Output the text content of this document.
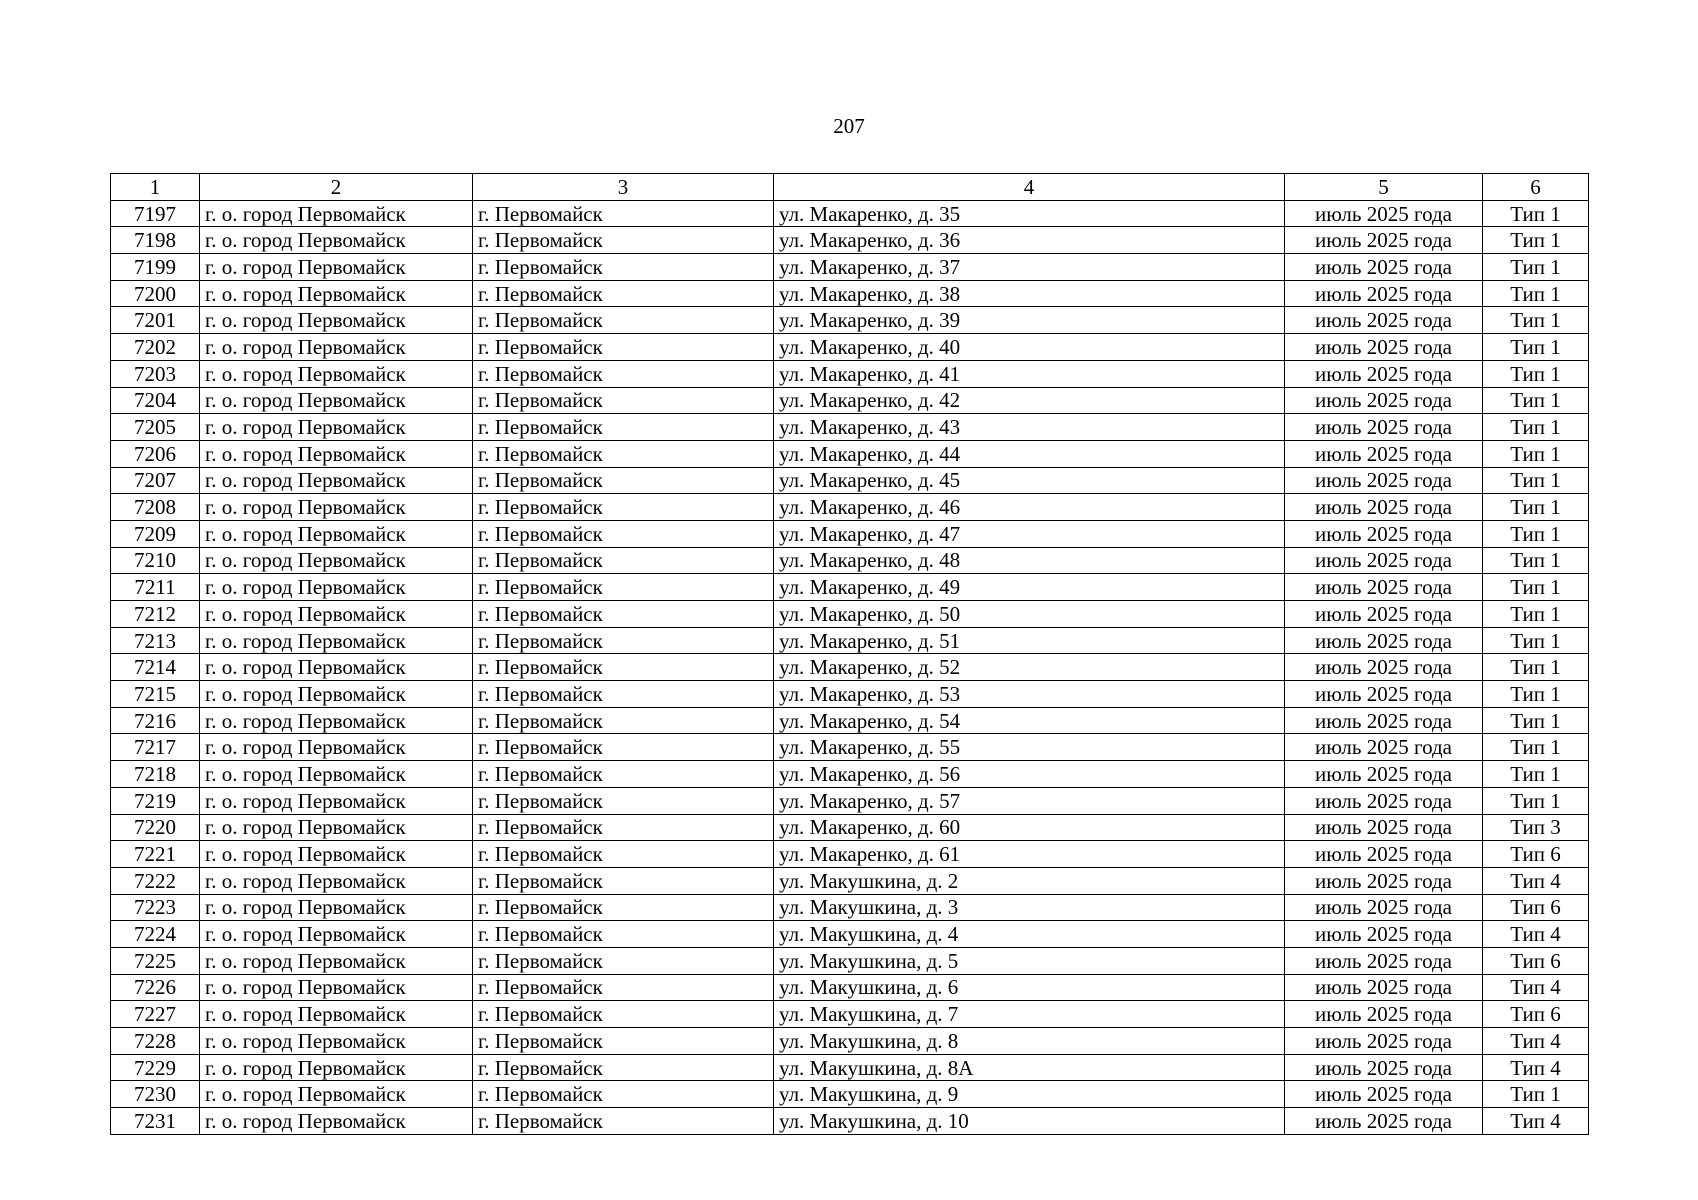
207
1	2	3	4	5	6
7197	г. о. город Первомайск	г. Первомайск	ул. Макаренко, д. 35	июль 2025 года	Тип 1
7198	г. о. город Первомайск	г. Первомайск	ул. Макаренко, д. 36	июль 2025 года	Тип 1
7199	г. о. город Первомайск	г. Первомайск	ул. Макаренко, д. 37	июль 2025 года	Тип 1
7200	г. о. город Первомайск	г. Первомайск	ул. Макаренко, д. 38	июль 2025 года	Тип 1
7201	г. о. город Первомайск	г. Первомайск	ул. Макаренко, д. 39	июль 2025 года	Тип 1
7202	г. о. город Первомайск	г. Первомайск	ул. Макаренко, д. 40	июль 2025 года	Тип 1
7203	г. о. город Первомайск	г. Первомайск	ул. Макаренко, д. 41	июль 2025 года	Тип 1
7204	г. о. город Первомайск	г. Первомайск	ул. Макаренко, д. 42	июль 2025 года	Тип 1
7205	г. о. город Первомайск	г. Первомайск	ул. Макаренко, д. 43	июль 2025 года	Тип 1
7206	г. о. город Первомайск	г. Первомайск	ул. Макаренко, д. 44	июль 2025 года	Тип 1
7207	г. о. город Первомайск	г. Первомайск	ул. Макаренко, д. 45	июль 2025 года	Тип 1
7208	г. о. город Первомайск	г. Первомайск	ул. Макаренко, д. 46	июль 2025 года	Тип 1
7209	г. о. город Первомайск	г. Первомайск	ул. Макаренко, д. 47	июль 2025 года	Тип 1
7210	г. о. город Первомайск	г. Первомайск	ул. Макаренко, д. 48	июль 2025 года	Тип 1
7211	г. о. город Первомайск	г. Первомайск	ул. Макаренко, д. 49	июль 2025 года	Тип 1
7212	г. о. город Первомайск	г. Первомайск	ул. Макаренко, д. 50	июль 2025 года	Тип 1
7213	г. о. город Первомайск	г. Первомайск	ул. Макаренко, д. 51	июль 2025 года	Тип 1
7214	г. о. город Первомайск	г. Первомайск	ул. Макаренко, д. 52	июль 2025 года	Тип 1
7215	г. о. город Первомайск	г. Первомайск	ул. Макаренко, д. 53	июль 2025 года	Тип 1
7216	г. о. город Первомайск	г. Первомайск	ул. Макаренко, д. 54	июль 2025 года	Тип 1
7217	г. о. город Первомайск	г. Первомайск	ул. Макаренко, д. 55	июль 2025 года	Тип 1
7218	г. о. город Первомайск	г. Первомайск	ул. Макаренко, д. 56	июль 2025 года	Тип 1
7219	г. о. город Первомайск	г. Первомайск	ул. Макаренко, д. 57	июль 2025 года	Тип 1
7220	г. о. город Первомайск	г. Первомайск	ул. Макаренко, д. 60	июль 2025 года	Тип 3
7221	г. о. город Первомайск	г. Первомайск	ул. Макаренко, д. 61	июль 2025 года	Тип 6
7222	г. о. город Первомайск	г. Первомайск	ул. Макушкина, д. 2	июль 2025 года	Тип 4
7223	г. о. город Первомайск	г. Первомайск	ул. Макушкина, д. 3	июль 2025 года	Тип 6
7224	г. о. город Первомайск	г. Первомайск	ул. Макушкина, д. 4	июль 2025 года	Тип 4
7225	г. о. город Первомайск	г. Первомайск	ул. Макушкина, д. 5	июль 2025 года	Тип 6
7226	г. о. город Первомайск	г. Первомайск	ул. Макушкина, д. 6	июль 2025 года	Тип 4
7227	г. о. город Первомайск	г. Первомайск	ул. Макушкина, д. 7	июль 2025 года	Тип 6
7228	г. о. город Первомайск	г. Первомайск	ул. Макушкина, д. 8	июль 2025 года	Тип 4
7229	г. о. город Первомайск	г. Первомайск	ул. Макушкина, д. 8А	июль 2025 года	Тип 4
7230	г. о. город Первомайск	г. Первомайск	ул. Макушкина, д. 9	июль 2025 года	Тип 1
7231	г. о. город Первомайск	г. Первомайск	ул. Макушкина, д. 10	июль 2025 года	Тип 4
